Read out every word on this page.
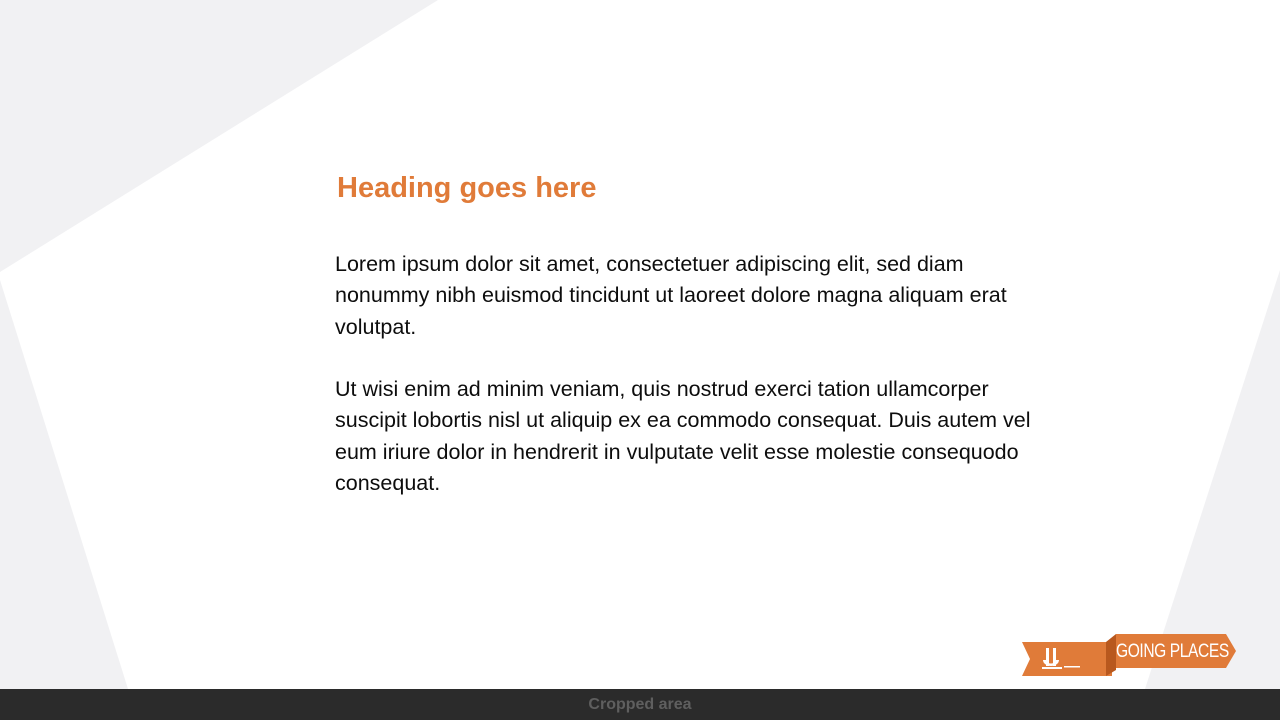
Heading goes here

Lorem ipsum dolor sit amet, consectetuer adipiscing elit, sed diam nonummy nibh euismod tincidunt ut laoreet dolore magna aliquam erat volutpat.

Ut wisi enim ad minim veniam, quis nostrud exerci tation ullamcorper suscipit lobortis nisl ut aliquip ex ea commodo consequat. Duis autem vel eum iriure dolor in hendrerit in vulputate velit esse molestie consequodo consequat.

GOING PLACES
Cropped area
